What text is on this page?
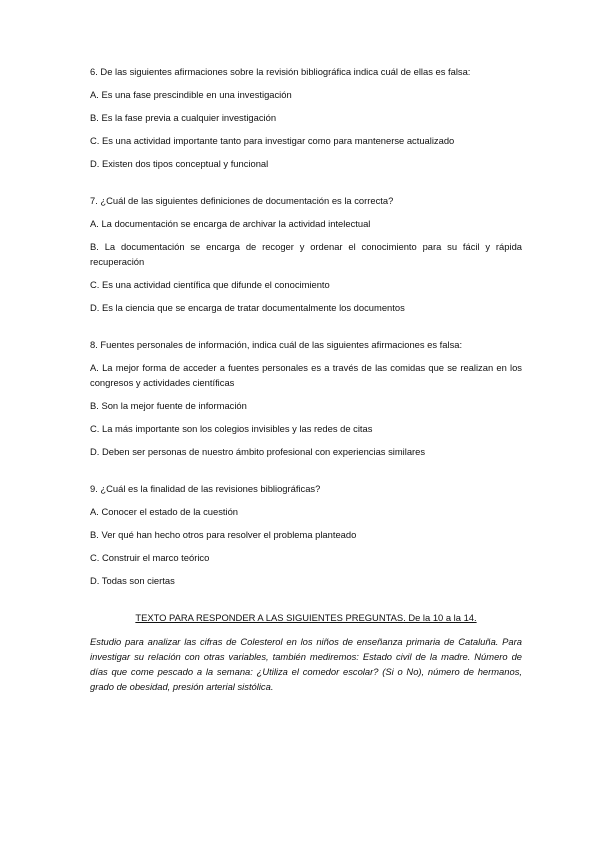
6. De las siguientes afirmaciones sobre la revisión bibliográfica indica cuál de ellas es falsa:

A. Es una fase prescindible en una investigación

B. Es la fase previa a cualquier investigación

C. Es una actividad importante tanto para investigar como para mantenerse actualizado

D. Existen dos tipos conceptual y funcional

7. ¿Cuál de las siguientes definiciones de documentación es la correcta?

A. La documentación se encarga de archivar la actividad intelectual

B. La documentación se encarga de recoger y ordenar el conocimiento para su fácil y rápida recuperación

C. Es una actividad científica que difunde el conocimiento

D. Es la ciencia que se encarga de tratar documentalmente los documentos

8. Fuentes personales de información, indica cuál de las siguientes afirmaciones es falsa:

A. La mejor forma de acceder a fuentes personales es a través de las comidas que se realizan en los congresos y actividades científicas

B. Son la mejor fuente de información

C. La más importante son los colegios invisibles y las redes de citas

D. Deben ser personas de nuestro ámbito profesional con experiencias similares

9. ¿Cuál es la finalidad de las revisiones bibliográficas?

A. Conocer el estado de la cuestión

B. Ver qué han hecho otros para resolver el problema planteado

C. Construir el marco teórico

D. Todas son ciertas

TEXTO PARA RESPONDER A LAS SIGUIENTES PREGUNTAS. De la 10 a la 14.

Estudio para analizar las cifras de Colesterol en los niños de enseñanza primaria de Cataluña. Para investigar su relación con otras variables, también mediremos: Estado civil de la madre. Número de días que come pescado a la semana: ¿Utiliza el comedor escolar? (Si o No), número de hermanos, grado de obesidad, presión arterial sistólica.
